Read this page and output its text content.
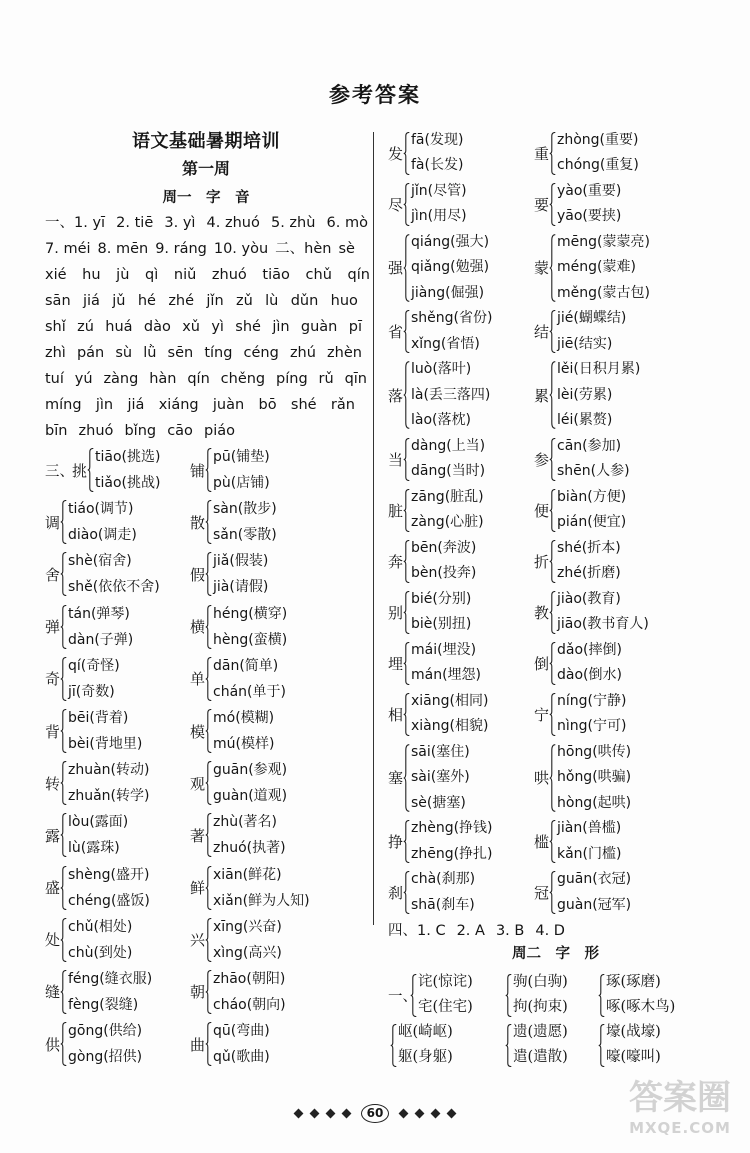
参考答案
语文基础暑期培训
第一周
周一　字　音
一、1. yī 2. tiē 3. yì 4. zhuó 5. zhù 6. mò
7. méi 8. mēn 9. ráng 10. yòu 二、hèn sè
xié hu jù qì niǔ zhuó tiāo chǔ qín
sān jiá jǔ hé zhé jǐn zǔ lù dǔn huo
shǐ zú huá dào xǔ yì shé jìn guàn pī
zhì pán sù lǜ sēn tíng céng zhú zhèn
tuí yú zàng hàn qín chěng píng rǔ qīn
míng jìn jiá xiáng juàn bō shé rǎn
bīn zhuó bǐng cāo piáo
三、
挑
tiāo(挑选)
tiǎo(挑战)
铺
pū(铺垫)
pù(店铺)
调
tiáo(调节)
diào(调走)
散
sàn(散步)
sǎn(零散)
舍
shè(宿舍)
shě(依依不舍)
假
jiǎ(假装)
jià(请假)
弹
tán(弹琴)
dàn(子弹)
横
héng(横穿)
hèng(蛮横)
奇
qí(奇怪)
jī(奇数)
单
dān(简单)
chán(单于)
背
bēi(背着)
bèi(背地里)
模
mó(模糊)
mú(模样)
转
zhuàn(转动)
zhuǎn(转学)
观
guān(参观)
guàn(道观)
露
lòu(露面)
lù(露珠)
著
zhù(著名)
zhuó(执著)
盛
shèng(盛开)
chéng(盛饭)
鲜
xiān(鲜花)
xiǎn(鲜为人知)
处
chǔ(相处)
chù(到处)
兴
xīng(兴奋)
xìng(高兴)
缝
féng(缝衣服)
fèng(裂缝)
朝
zhāo(朝阳)
cháo(朝向)
供
gōng(供给)
gòng(招供)
曲
qū(弯曲)
qǔ(歌曲)
发
fā(发现)
fà(长发)
重
zhòng(重要)
chóng(重复)
尽
jǐn(尽管)
jìn(用尽)
要
yào(重要)
yāo(要挟)
强
qiáng(强大)
qiǎng(勉强)
jiàng(倔强)
蒙
mēng(蒙蒙亮)
méng(蒙难)
měng(蒙古包)
省
shěng(省份)
xǐng(省悟)
结
jié(蝴蝶结)
jiē(结实)
落
luò(落叶)
là(丢三落四)
lào(落枕)
累
lěi(日积月累)
lèi(劳累)
léi(累赘)
当
dàng(上当)
dāng(当时)
参
cān(参加)
shēn(人参)
脏
zāng(脏乱)
zàng(心脏)
便
biàn(方便)
pián(便宜)
奔
bēn(奔波)
bèn(投奔)
折
shé(折本)
zhé(折磨)
别
bié(分别)
biè(别扭)
教
jiào(教育)
jiāo(教书育人)
埋
mái(埋没)
mán(埋怨)
倒
dǎo(摔倒)
dào(倒水)
相
xiāng(相同)
xiàng(相貌)
宁
níng(宁静)
nìng(宁可)
塞
sāi(塞住)
sài(塞外)
sè(搪塞)
哄
hōng(哄传)
hǒng(哄骗)
hòng(起哄)
挣
zhèng(挣钱)
zhēng(挣扎)
槛
jiàn(兽槛)
kǎn(门槛)
刹
chà(刹那)
shā(刹车)
冠
guān(衣冠)
guàn(冠军)
四、1. C 2. A 3. B 4. D
周二　字　形
一、
诧(惊诧)
宅(住宅)
驹(白驹)
拘(拘束)
琢(琢磨)
啄(啄木鸟)
岖(崎岖)
躯(身躯)
遗(遗愿)
遣(遣散)
壕(战壕)
嚎(嚎叫)
60	答案圈
MXQE.COM
